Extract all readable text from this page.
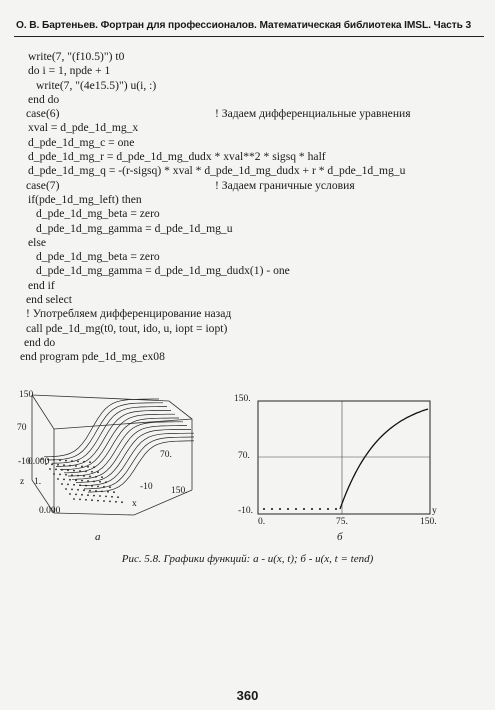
О. В. Бартеньев. Фортран для профессионалов. Математическая библиотека IMSL. Часть 3
write(7, "(f10.5)") t0
do i = 1, npde + 1
write(7, "(4e15.5)") u(i, :)
end do
case(6)	! Задаем дифференциальные уравнения
xval = d_pde_1d_mg_x
d_pde_1d_mg_c = one
d_pde_1d_mg_r = d_pde_1d_mg_dudx * xval**2 * sigsq * half
d_pde_1d_mg_q = -(r-sigsq) * xval * d_pde_1d_mg_dudx + r * d_pde_1d_mg_u
case(7)	! Задаем граничные условия
if(pde_1d_mg_left) then
d_pde_1d_mg_beta = zero
d_pde_1d_mg_gamma = d_pde_1d_mg_u
else
d_pde_1d_mg_beta = zero
d_pde_1d_mg_gamma = d_pde_1d_mg_dudx(1) - one
end if
end select
! Употребляем дифференцирование назад
call pde_1d_mg(t0, tout, ido, u, iopt = iopt)
end do
end program pde_1d_mg_ex08
150
70
-10
0.000
z 1.
0.000
x
70.
-10 150.
а
150.
70.
-10.
0.	75.	150.
y
б
Рис. 5.8. Графики функций: а - u(x, t); б - u(x, t = tend)
360
